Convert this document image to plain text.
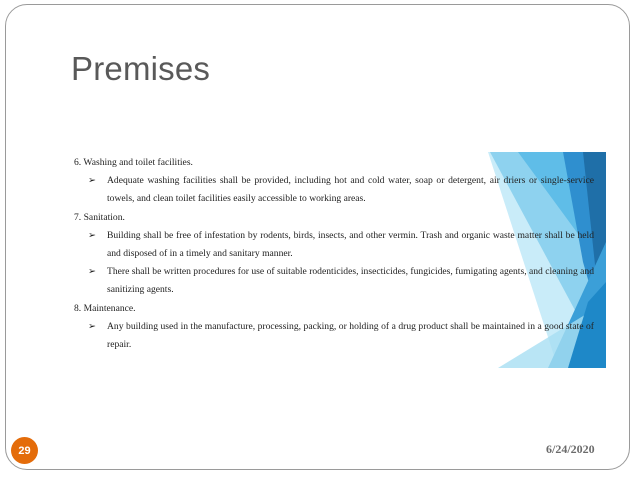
Premises

6. Washing and toilet facilities.

➢	Adequate washing facilities shall be provided, including hot and cold water, soap or detergent, air driers or single-service towels, and clean toilet facilities easily accessible to working areas.

7. Sanitation.

➢	Building shall be free of infestation by rodents, birds, insects, and other vermin. Trash and organic waste matter shall be held and disposed of in a timely and sanitary manner.
➢	There shall be written procedures for use of suitable rodenticides, insecticides, fungicides, fumigating agents, and cleaning and sanitizing agents.

8. Maintenance.

➢	Any building used in the manufacture, processing, packing, or holding of a drug product shall be maintained in a good state of repair.
29	6/24/2020
